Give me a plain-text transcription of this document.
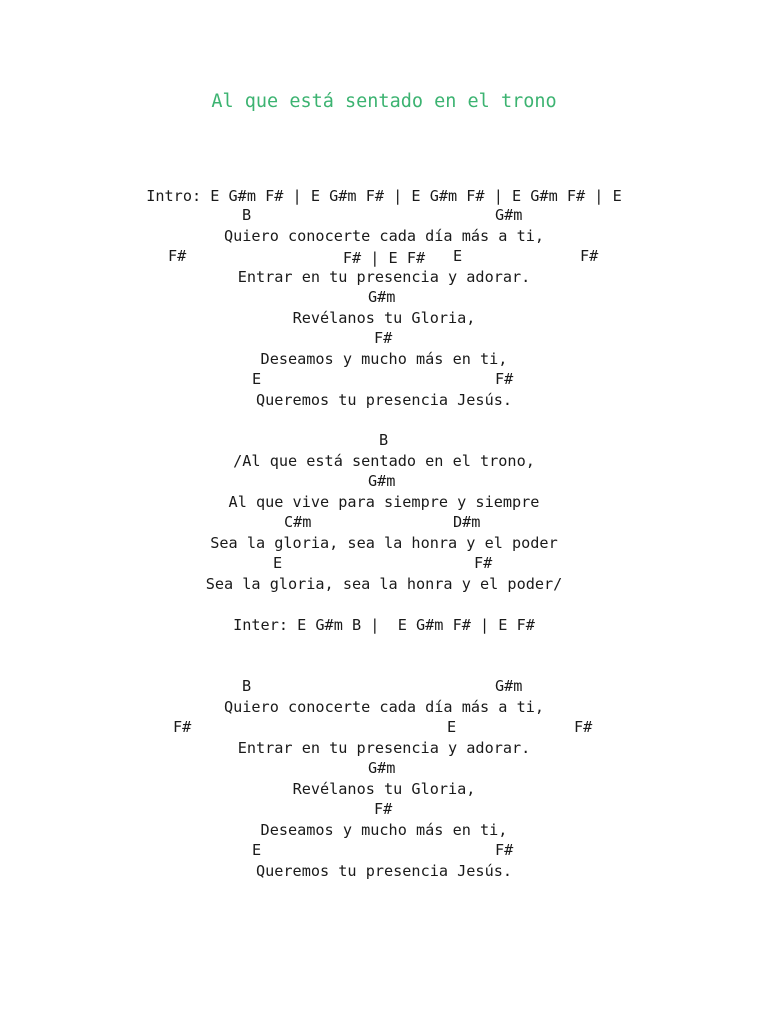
Al que está sentado en el trono

Intro: E G#m F# | E G#m F# | E G#m F# | E G#m F# | E

F# | E F#

B	G#m
Quiero conocerte cada día más a ti,
F#	E	F#
Entrar en tu presencia y adorar.
G#m
Revélanos tu Gloria,
F#
Deseamos y mucho más en ti,
E	F#
Queremos tu presencia Jesús.
B
/Al que está sentado en el trono,
G#m
Al que vive para siempre y siempre
C#m	D#m
Sea la gloria, sea la honra y el poder
E	F#
Sea la gloria, sea la honra y el poder/
Inter: E G#m B |  E G#m F# | E F#
B	G#m
Quiero conocerte cada día más a ti,
F#	E	F#
Entrar en tu presencia y adorar.
G#m
Revélanos tu Gloria,
F#
Deseamos y mucho más en ti,
E	F#
Queremos tu presencia Jesús.
